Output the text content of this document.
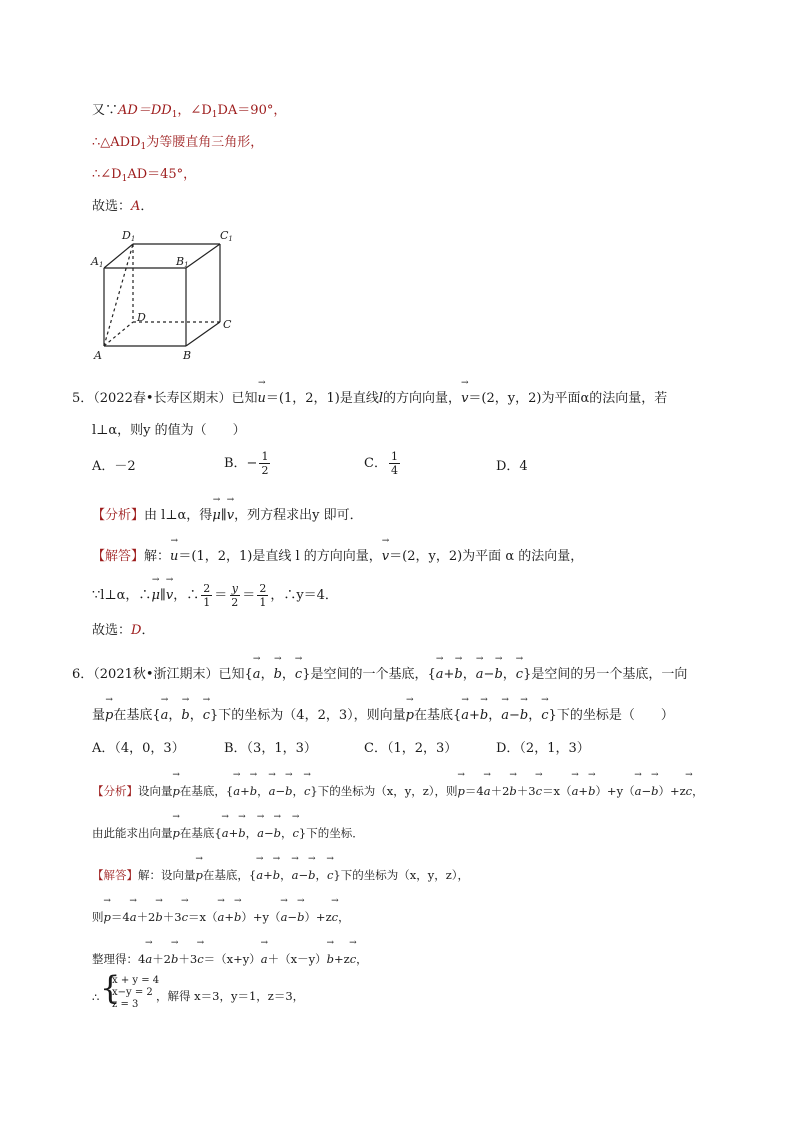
又$\because AD=DD_1$，$\angle D_1DA=90^\circ$，
$\therefore\triangle ADD_1$为等腰直角三角形，
$\therefore\angle D_1AD=45^\circ$，
故选：A．
D1	C1
A1	B1
D
C
A	B
5．（2022春•长寿区期末）已知→ u＝(1，2，1)是直线l的方向向量，→ v＝(2，y，2)为平面α的法向量，若
l⊥α，则y 的值为（　　）
A．－2	B．− $\frac{1}{2}$	C． $\frac{1}{4}$	D．4
【分析】由 l⊥α，得→ μ∥→ v，列方程求出y 即可．
【解答】解：→ u＝(1，2，1)是直线 l 的方向向量，→ v＝(2，y，2)为平面 α 的法向量，
∵l⊥α，∴→ μ∥→ v，∴ $\frac{2}{1} = \frac{y}{2} = \frac{2}{1}$ ，∴y＝4．
故选：D．
6．（2021秋•浙江期末）已知{→ a，→ b，→ c}是空间的一个基底，{→ a+→ b，→ a−→ b，→ c}是空间的另一个基底，一向
量→ p在基底{→ a，→ b，→ c}下的坐标为（4，2，3），则向量→ p在基底{→ a+→ b，→ a−→ b，→ c}下的坐标是（　　）
A．（4，0，3）	B．（3，1，3）	C．（1，2，3）	D．（2，1，3）
【分析】设向量→ p在基底，{→ a+→ b，→ a−→ b，→ c}下的坐标为（x，y，z），则→ p＝4→ a＋2→ b＋3→ c＝x（→ a+→ b）+y（→ a−→ b）+z→ c，
由此能求出向量→ p在基底{→ a+→ b，→ a−→ b，→ c}下的坐标．
【解答】解：设向量→ p在基底，{→ a+→ b，→ a−→ b，→ c}下的坐标为（x，y，z），
则→ p＝4→ a＋2→ b＋3→ c＝x（→ a+→ b）+y（→ a−→ b）+z→ c，
整理得：4→ a＋2→ b＋3→ c＝（x+y）→ a＋（x－y）→ b+z→ c，
∴ {
x + y = 4
x−y = 2
z = 3
，解得 x＝3，y＝1，z＝3，
